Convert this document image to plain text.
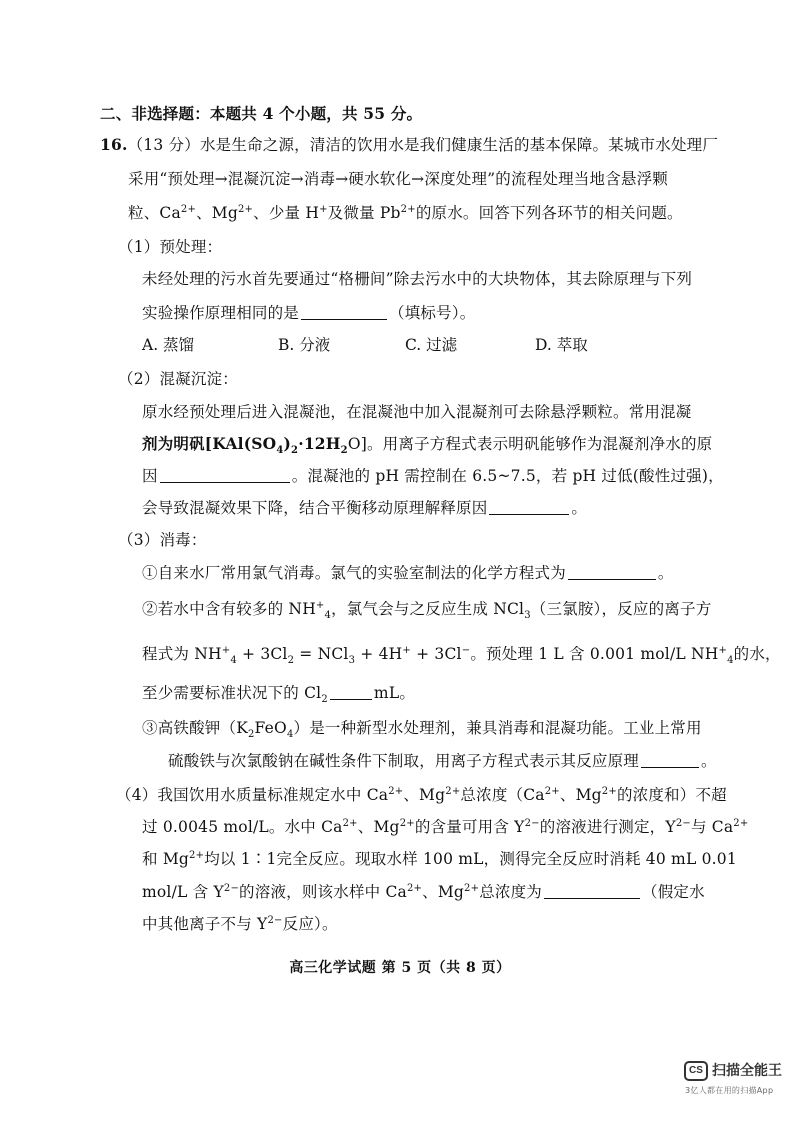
二、非选择题：本题共 4 个小题，共 55 分。
16.（13 分）水是生命之源，清洁的饮用水是我们健康生活的基本保障。某城市水处理厂
采用“预处理→混凝沉淀→消毒→硬水软化→深度处理”的流程处理当地含悬浮颗
粒、$Ca^{2+}$、$Mg^{2+}$、少量 H+及微量 $Pb^{2+}$的原水。回答下列各环节的相关问题。
（1）预处理：
未经处理的污水首先要通过“格栅间”除去污水中的大块物体，其去除原理与下列
实验操作原理相同的是	（填标号）。
A. 蒸馏	B. 分液	C. 过滤	D. 萃取
（2）混凝沉淀：
原水经预处理后进入混凝池，在混凝池中加入混凝剂可去除悬浮颗粒。常用混凝
剂为明矾$[KAl(SO_4)_2\cdot 12H_2O]$。用离子方程式表示明矾能够作为混凝剂净水的原
因	。混凝池的 pH 需控制在 6.5~7.5，若 pH 过低(酸性过强)，
会导致混凝效果下降，结合平衡移动原理解释原因	。
（3）消毒：
①自来水厂常用氯气消毒。氯气的实验室制法的化学方程式为	。
②若水中含有较多的 $NH^+_4$，氯气会与之反应生成 NCl$_3$（三氯胺），反应的离子方
程式为 $NH^+_4 + 3Cl_2 = NCl_3 + 4H^+ + 3Cl^-$。预处理 1 L 含 0.001 mol/L $NH^+_4$的水，
至少需要标准状况下的 $Cl_2$	mL。
③高铁酸钾$(K_2FeO_4)$是一种新型水处理剂，兼具消毒和混凝功能。工业上常用
硫酸铁与次氯酸钠在碱性条件下制取，用离子方程式表示其反应原理	。
（4）我国饮用水质量标准规定水中 $Ca^{2+}$、$Mg^{2+}$总浓度（$Ca^{2+}$、$Mg^{2+}$的浓度和）不超
过 0.0045 mol/L。水中 $Ca^{2+}$、$Mg^{2+}$的含量可用含 $Y^{2-}$的溶液进行测定，$Y^{2-}$与 $Ca^{2+}$
和 $Mg^{2+}$均以 1∶1完全反应。现取水样 100 mL，测得完全反应时消耗 40 mL 0.01
mol/L 含 $Y^{2-}$的溶液，则该水样中 $Ca^{2+}$、$Mg^{2+}$总浓度为	（假定水
中其他离子不与 $Y^{2-}$反应）。
高三化学试题 第 5 页（共 8 页）
CS 扫描全能王
3亿人都在用的扫描App
